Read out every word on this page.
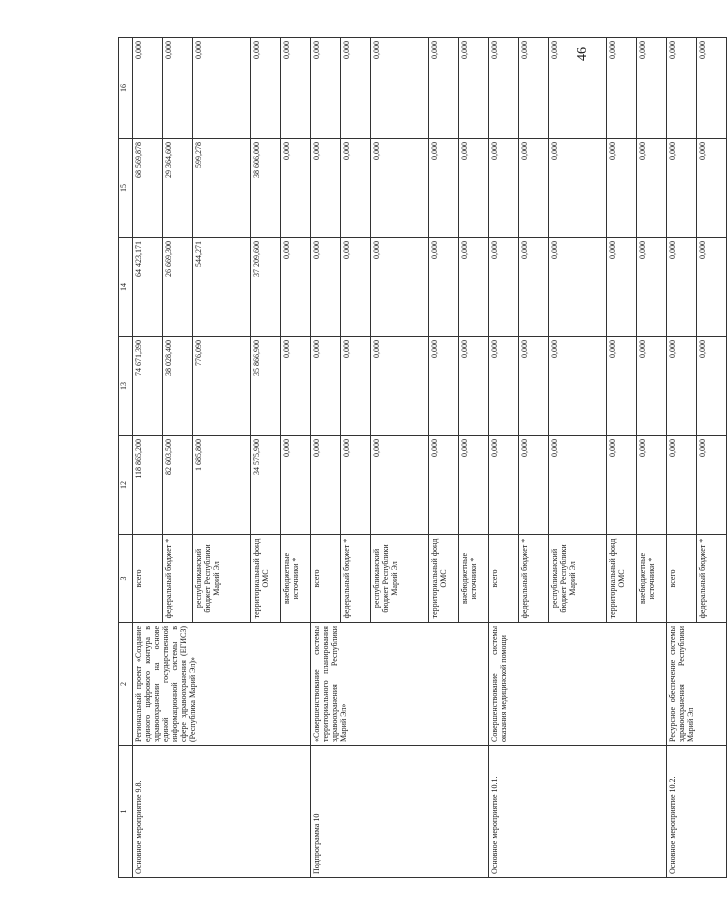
46
1	2	3	12	13	14	15	16
Основное мероприятие 9.8.	Региональный проект «Создание единого цифрового контура в здравоохранении на основе единой государственной информационной системы в сфере здравоохранения (ЕГИСЗ) (Республика Марий Эл)»	всего	118 865,200	74 671,390	64 423,171	68 569,878	0,000
		федеральный бюджет *	82 603,500	38 028,400	26 669,300	29 364,600	0,000
		республиканский бюджет Республики Марий Эл	1 685,800	776,090	544,271	599,278	0,000
		территориальный фонд ОМС	34 575,900	35 866,900	37 209,600	38 606,000	0,000
		внебюджетные источники *	0,000	0,000	0,000	0,000	0,000
Подпрограмма 10	«Совершенствование системы территориального планирования здравоохранения Республики Марий Эл»	всего	0,000	0,000	0,000	0,000	0,000
		федеральный бюджет *	0,000	0,000	0,000	0,000	0,000
		республиканский бюджет Республики Марий Эл	0,000	0,000	0,000	0,000	0,000
		территориальный фонд ОМС	0,000	0,000	0,000	0,000	0,000
		внебюджетные источники *	0,000	0,000	0,000	0,000	0,000
Основное мероприятие 10.1.	Совершенствование системы оказания медицинской помощи	всего	0,000	0,000	0,000	0,000	0,000
		федеральный бюджет *	0,000	0,000	0,000	0,000	0,000
		республиканский бюджет Республики Марий Эл	0,000	0,000	0,000	0,000	0,000
		территориальный фонд ОМС	0,000	0,000	0,000	0,000	0,000
		внебюджетные источники *	0,000	0,000	0,000	0,000	0,000
Основное мероприятие 10.2.	Ресурсное обеспечение системы здравоохранения Республики Марий Эл	всего	0,000	0,000	0,000	0,000	0,000
		федеральный бюджет *	0,000	0,000	0,000	0,000	0,000
